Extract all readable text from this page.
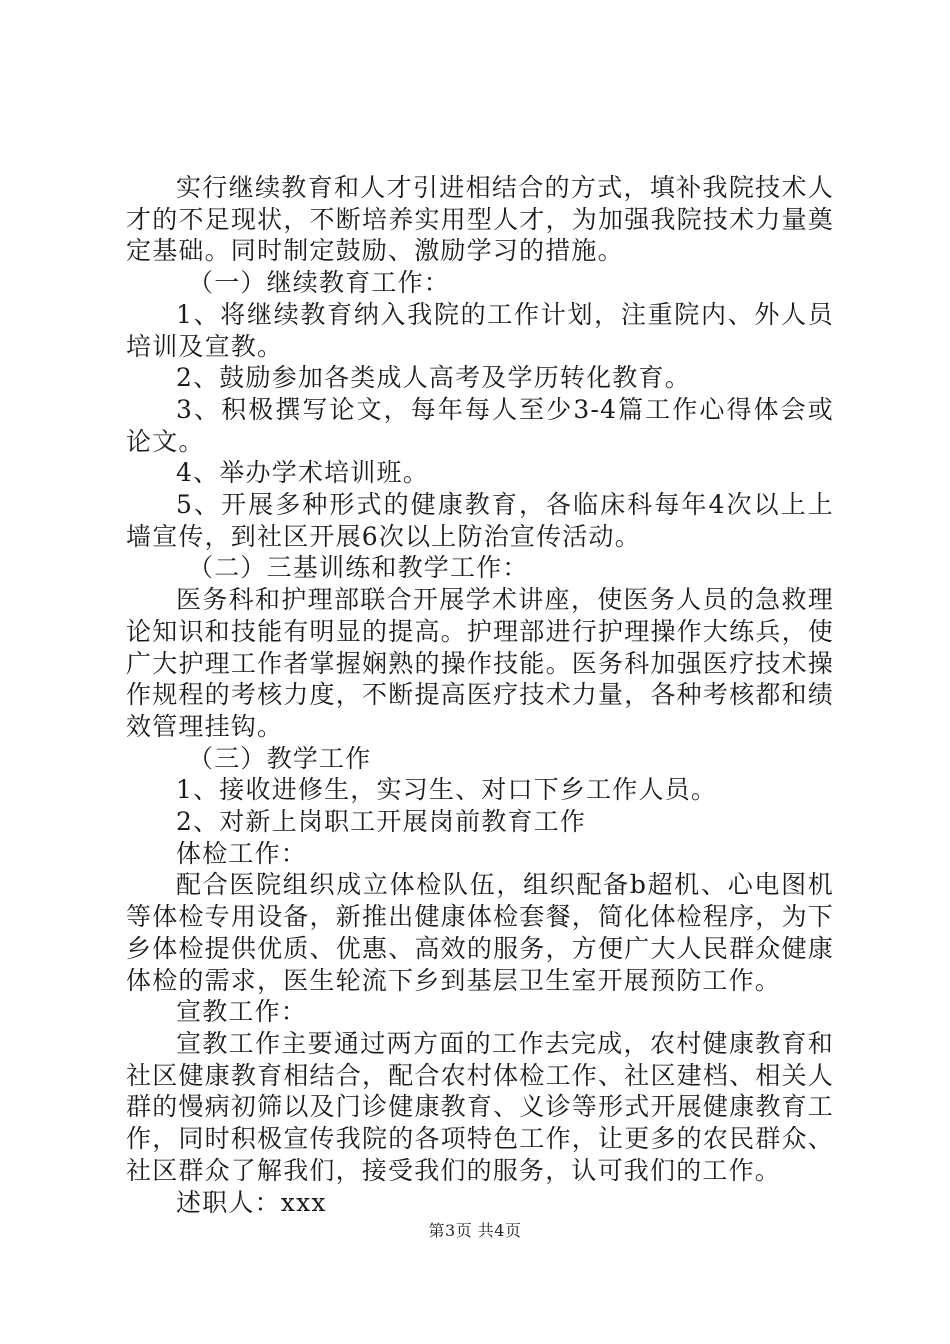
实行继续教育和人才引进相结合的方式，填补我院技术人才的不足现状，不断培养实用型人才，为加强我院技术力量奠定基础。同时制定鼓励、激励学习的措施。

（一）继续教育工作：

1、将继续教育纳入我院的工作计划，注重院内、外人员培训及宣教。

2、鼓励参加各类成人高考及学历转化教育。

3、积极撰写论文，每年每人至少3-4篇工作心得体会或论文。

4、举办学术培训班。

5、开展多种形式的健康教育，各临床科每年4次以上上墙宣传，到社区开展6次以上防治宣传活动。

（二）三基训练和教学工作：

医务科和护理部联合开展学术讲座，使医务人员的急救理论知识和技能有明显的提高。护理部进行护理操作大练兵，使广大护理工作者掌握娴熟的操作技能。医务科加强医疗技术操作规程的考核力度，不断提高医疗技术力量，各种考核都和绩效管理挂钩。

（三）教学工作

1、接收进修生，实习生、对口下乡工作人员。

2、对新上岗职工开展岗前教育工作

体检工作：

配合医院组织成立体检队伍，组织配备b超机、心电图机等体检专用设备，新推出健康体检套餐，简化体检程序，为下乡体检提供优质、优惠、高效的服务，方便广大人民群众健康体检的需求，医生轮流下乡到基层卫生室开展预防工作。

宣教工作：

宣教工作主要通过两方面的工作去完成，农村健康教育和社区健康教育相结合，配合农村体检工作、社区建档、相关人群的慢病初筛以及门诊健康教育、义诊等形式开展健康教育工作，同时积极宣传我院的各项特色工作，让更多的农民群众、社区群众了解我们，接受我们的服务，认可我们的工作。

述职人：xxx

第3页 共4页
